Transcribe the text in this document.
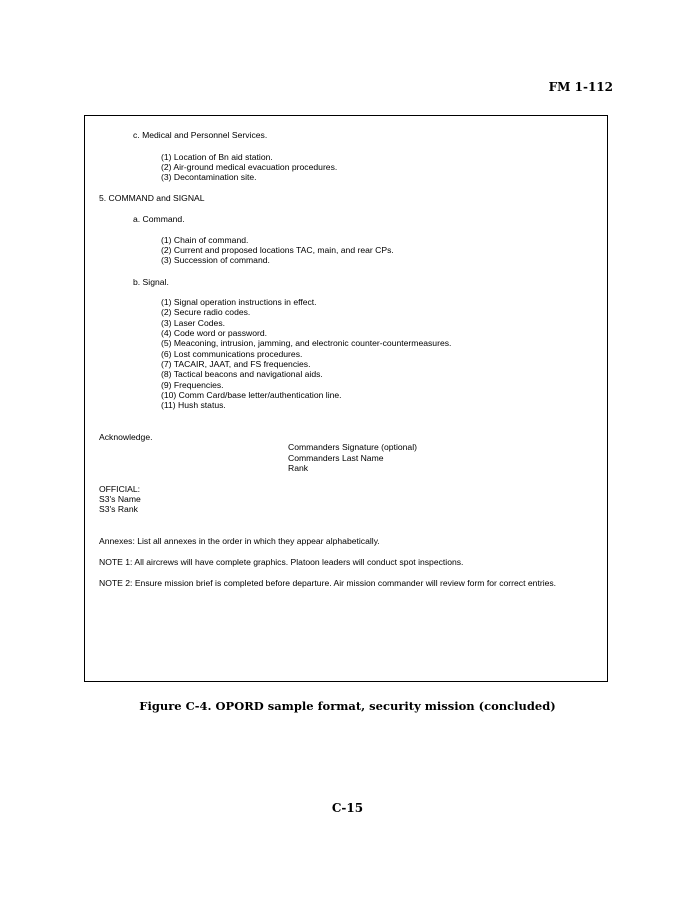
FM 1-112
c. Medical and Personnel Services.
(1) Location of Bn aid station.
(2) Air-ground medical evacuation procedures.
(3) Decontamination site.
5. COMMAND and SIGNAL
a. Command.
(1) Chain of command.
(2) Current and proposed locations TAC, main, and rear CPs.
(3) Succession of command.
b. Signal.
(1) Signal operation instructions in effect.
(2) Secure radio codes.
(3) Laser Codes.
(4) Code word or password.
(5) Meaconing, intrusion, jamming, and electronic counter-countermeasures.
(6) Lost communications procedures.
(7) TACAIR, JAAT, and FS frequencies.
(8) Tactical beacons and navigational aids.
(9) Frequencies.
(10) Comm Card/base letter/authentication line.
(11) Hush status.
Acknowledge.
Commanders Signature (optional)
Commanders Last Name
Rank
OFFICIAL:
S3's Name
S3's Rank
Annexes: List all annexes in the order in which they appear alphabetically.
NOTE 1: All aircrews will have complete graphics. Platoon leaders will conduct spot inspections.
NOTE 2: Ensure mission brief is completed before departure. Air mission commander will review form for correct entries.
Figure C-4. OPORD sample format, security mission (concluded)
C-15
